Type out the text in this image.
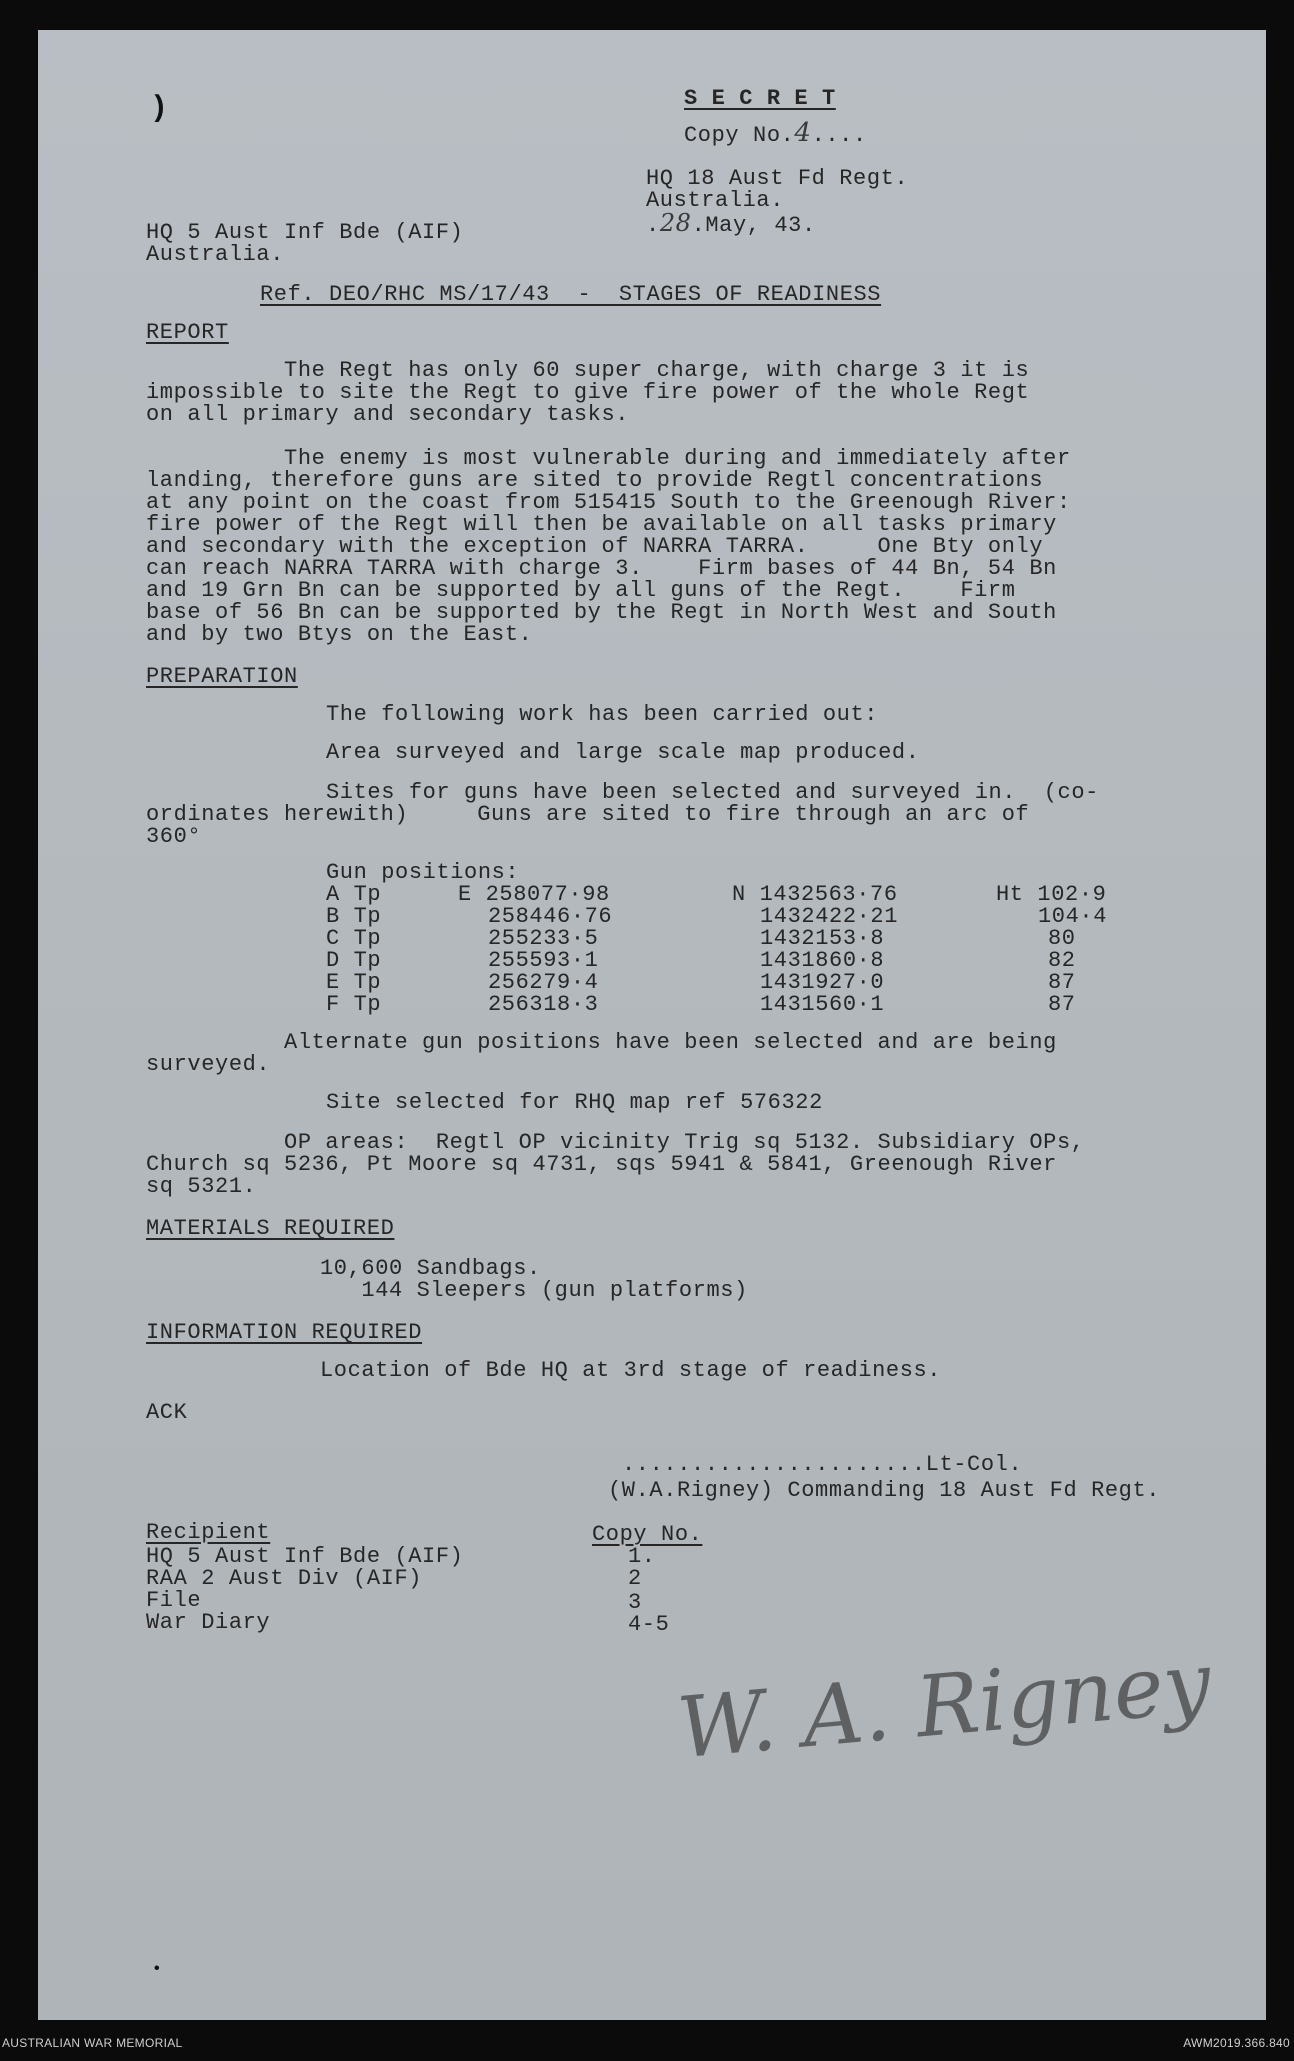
)	S E C R E T
Copy No.4....
HQ 18 Aust Fd Regt.
Australia.
.28.May, 43.
HQ 5 Aust Inf Bde (AIF)
Australia.
Ref. DEO/RHC MS/17/43  -  STAGES OF READINESS
REPORT
The Regt has only 60 super charge, with charge 3 it is
impossible to site the Regt to give fire power of the whole Regt
on all primary and secondary tasks.
The enemy is most vulnerable during and immediately after
landing, therefore guns are sited to provide Regtl concentrations
at any point on the coast from 515415 South to the Greenough River:
fire power of the Regt will then be available on all tasks primary
and secondary with the exception of NARRA TARRA.     One Bty only
can reach NARRA TARRA with charge 3.    Firm bases of 44 Bn, 54 Bn
and 19 Grn Bn can be supported by all guns of the Regt.    Firm
base of 56 Bn can be supported by the Regt in North West and South
and by two Btys on the East.
PREPARATION
The following work has been carried out:
Area surveyed and large scale map produced.
Sites for guns have been selected and surveyed in.  (co-
ordinates herewith)     Guns are sited to fire through an arc of
360°
Gun positions:
A Tp	E 258077·98	N 1432563·76	Ht 102·9
B Tp	258446·76	1432422·21	104·4
C Tp	255233·5	1432153·8	80
D Tp	255593·1	1431860·8	82
E Tp	256279·4	1431927·0	87
F Tp	256318·3	1431560·1	87
Alternate gun positions have been selected and are being
surveyed.
Site selected for RHQ map ref 576322
OP areas:  Regtl OP vicinity Trig sq 5132. Subsidiary OPs,
Church sq 5236, Pt Moore sq 4731, sqs 5941 & 5841, Greenough River
sq 5321.
MATERIALS REQUIRED
10,600 Sandbags.
144 Sleepers (gun platforms)
INFORMATION REQUIRED
Location of Bde HQ at 3rd stage of readiness.
ACK
W. A. Rigney
......................Lt-Col.
(W.A.Rigney) Commanding 18 Aust Fd Regt.
Recipient	Copy No.
HQ 5 Aust Inf Bde (AIF)	1.
RAA 2 Aust Div (AIF)	2
File	3
War Diary	4-5
•
AUSTRALIAN WAR MEMORIAL	AWM2019.366.840
